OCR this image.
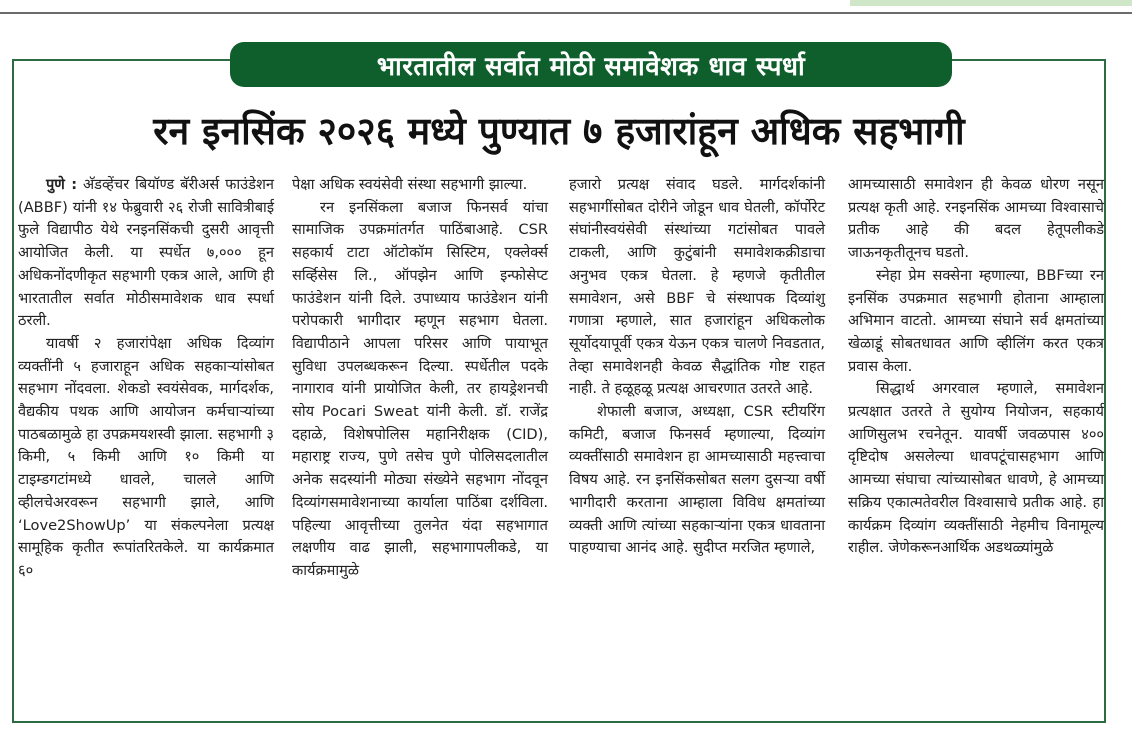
भारतातील सर्वात मोठी समावेशक धाव स्पर्धा
रन इनसिंक २०२६ मध्ये पुण्यात ७ हजारांहून अधिक सहभागी

पुणे : अ‍ॅडव्हेंचर बियॉण्ड बॅरीअर्स फाउंडेशन (ABBF) यांनी १४ फेब्रुवारी २६ रोजी सावित्रीबाई फुले विद्यापीठ येथे रनइनसिंकची दुसरी आवृत्ती आयोजित केली. या स्पर्धेत ७,००० हून अधिकनोंदणीकृत सहभागी एकत्र आले, आणि ही भारतातील सर्वात मोठीसमावेशक धाव स्पर्धा ठरली.

यावर्षी २ हजारांपेक्षा अधिक दिव्यांग व्यक्तींनी ५ हजाराहून अधिक सहकाऱ्यांसोबत सहभाग नोंदवला. शेकडो स्वयंसेवक, मार्गदर्शक, वैद्यकीय पथक आणि आयोजन कर्मचाऱ्यांच्या पाठबळामुळे हा उपक्रमयशस्वी झाला. सहभागी ३ किमी, ५ किमी आणि १० किमी या टाइम्डगटांमध्ये धावले, चालले आणि व्हीलचेअरवरून सहभागी झाले, आणि ‘Love2ShowUp’ या संकल्पनेला प्रत्यक्ष सामूहिक कृतीत रूपांतरितकेले. या कार्यक्रमात ६०

पेक्षा अधिक स्वयंसेवी संस्था सहभागी झाल्या.

रन इनसिंकला बजाज फिनसर्व यांचा सामाजिक उपक्रमांतर्गत पाठिंबाआहे. CSR सहकार्य टाटा ऑटोकॉम सिस्टिम, एक्लेर्क्स सर्व्हिसेस लि., ऑपझेन आणि इन्फोसेप्ट फाउंडेशन यांनी दिले. उपाध्याय फाउंडेशन यांनी परोपकारी भागीदार म्हणून सहभाग घेतला. विद्यापीठाने आपला परिसर आणि पायाभूत सुविधा उपलब्धकरून दिल्या. स्पर्धेतील पदके नागाराव यांनी प्रायोजित केली, तर हायड्रेशनची सोय Pocari Sweat यांनी केली. डॉ. राजेंद्र दहाळे, विशेषपोलिस महानिरीक्षक (CID), महाराष्ट्र राज्य, पुणे तसेच पुणे पोलिसदलातील अनेक सदस्यांनी मोठ्या संख्येने सहभाग नोंदवून दिव्यांगसमावेशनाच्या कार्याला पाठिंबा दर्शविला. पहिल्या आवृत्तीच्या तुलनेत यंदा सहभागात लक्षणीय वाढ झाली, सहभागापलीकडे, या कार्यक्रमामुळे

हजारो प्रत्यक्ष संवाद घडले. मार्गदर्शकांनी सहभागींसोबत दोरीने जोडून धाव घेतली, कॉर्पोरेट संघांनीस्वयंसेवी संस्थांच्या गटांसोबत पावले टाकली, आणि कुटुंबांनी समावेशकक्रीडाचा अनुभव एकत्र घेतला. हे म्हणजे कृतीतील समावेशन, असे BBF चे संस्थापक दिव्यांशु गणात्रा म्हणाले, सात हजारांहून अधिकलोक सूर्योदयापूर्वी एकत्र येऊन एकत्र चालणे निवडतात, तेव्हा समावेशनही केवळ सैद्धांतिक गोष्ट राहत नाही. ते हळूहळू प्रत्यक्ष आचरणात उतरते आहे.

शेफाली बजाज, अध्यक्षा, CSR स्टीयरिंग कमिटी, बजाज फिनसर्व म्हणाल्या, दिव्यांग व्यक्तींसाठी समावेशन हा आमच्यासाठी महत्त्वाचा विषय आहे. रन इनसिंकसोबत सलग दुसऱ्या वर्षी भागीदारी करताना आम्हाला विविध क्षमतांच्या व्यक्ती आणि त्यांच्या सहकाऱ्यांना एकत्र धावताना पाहण्याचा आनंद आहे. सुदीप्त मरजित म्हणाले,

आमच्यासाठी समावेशन ही केवळ धोरण नसून प्रत्यक्ष कृती आहे. रनइनसिंक आमच्या विश्वासाचे प्रतीक आहे की बदल हेतूपलीकडे जाऊनकृतीतूनच घडतो.

स्नेहा प्रेम सक्सेना म्हणाल्या, BBFच्या रन इनसिंक उपक्रमात सहभागी होताना आम्हाला अभिमान वाटतो. आमच्या संघाने सर्व क्षमतांच्या खेळाडूं सोबतधावत आणि व्हीलिंग करत एकत्र प्रवास केला.

सिद्धार्थ अगरवाल म्हणाले, समावेशन प्रत्यक्षात उतरते ते सुयोग्य नियोजन, सहकार्य आणिसुलभ रचनेतून. यावर्षी जवळपास ४०० दृष्टिदोष असलेल्या धावपटूंचासहभाग आणि आमच्या संघाचा त्यांच्यासोबत धावणे, हे आमच्या सक्रिय एकात्मतेवरील विश्वासाचे प्रतीक आहे. हा कार्यक्रम दिव्यांग व्यक्तींसाठी नेहमीच विनामूल्य राहील. जेणेकरूनआर्थिक अडथळ्यांमुळे
